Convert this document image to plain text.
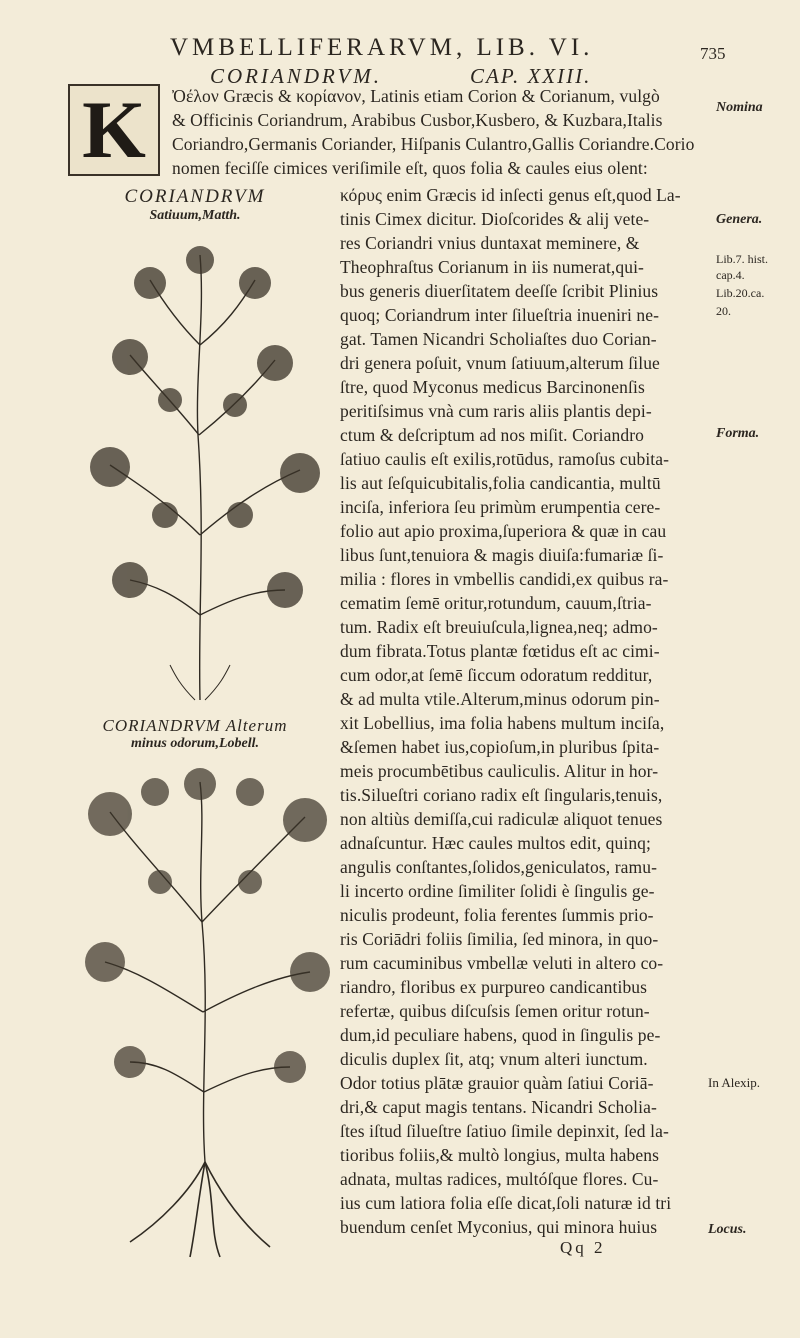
VMBELLIFERARVM, LIB. VI.	735
CORIANDRVM.	CAP. XXIII.
K Ὀέλον Græcis & κορίανον, Latinis etiam Corion & Corianum, vulgò
& Officinis Coriandrum, Arabibus Cusbor,Kusbero, & Kuzbara,Italis
Coriandro,Germanis Coriander, Hiſpanis Culantro,Gallis Coriandre.Corio
nomen feciſſe cimices veriſimile eſt, quos folia & caules eius olent:
κόρυς enim Græcis id inſecti genus eſt,quod La-
tinis Cimex dicitur. Dioſcorides & alij vete-
res Coriandri vnius duntaxat meminere, &
Theophraſtus Corianum in iis numerat,qui-
bus generis diuerſitatem deeſſe ſcribit Plinius
quoq; Coriandrum inter ſilueſtria inueniri ne-
gat. Tamen Nicandri Scholiaſtes duo Corian-
dri genera poſuit, vnum ſatiuum,alterum ſilue
ſtre, quod Myconus medicus Barcinonenſis
peritiſsimus vnà cum raris aliis plantis depi-
ctum & deſcriptum ad nos miſit. Coriandro
ſatiuo caulis eſt exilis,rotūdus, ramoſus cubita-
lis aut ſeſquicubitalis,folia candicantia, multū
inciſa, inferiora ſeu primùm erumpentia cere-
folio aut apio proxima,ſuperiora & quæ in cau
libus ſunt,tenuiora & magis diuiſa:fumariæ ſi-
milia : flores in vmbellis candidi,ex quibus ra-
cematim ſemē oritur,rotundum, cauum,ſtria-
tum. Radix eſt breuiuſcula,lignea,neq; admo-
dum fibrata.Totus plantæ fœtidus eſt ac cimi-
cum odor,at ſemē ſiccum odoratum redditur,
& ad multa vtile.Alterum,minus odorum pin-
xit Lobellius, ima folia habens multum inciſa,
&ſemen habet ius,copioſum,in pluribus ſpita-
meis procumbētibus cauliculis. Alitur in hor-
tis.Silueſtri coriano radix eſt ſingularis,tenuis,
non altiùs demiſſa,cui radiculæ aliquot tenues
adnaſcuntur. Hæc caules multos edit, quinq;
angulis conſtantes,ſolidos,geniculatos, ramu-
li incerto ordine ſimiliter ſolidi è ſingulis ge-
niculis prodeunt, folia ferentes ſummis prio-
ris Coriādri foliis ſimilia, ſed minora, in quo-
rum cacuminibus vmbellæ veluti in altero co-
riandro, floribus ex purpureo candicantibus
refertæ, quibus diſcuſsis ſemen oritur rotun-
dum,id peculiare habens, quod in ſingulis pe-
diculis duplex ſit, atq; vnum alteri iunctum.
Odor totius plātæ grauior quàm ſatiui Coriā-
dri,& caput magis tentans. Nicandri Scholia-
ſtes iſtud ſilueſtre ſatiuo ſimile depinxit, ſed la-
tioribus foliis,& multò longius, multa habens
adnata, multas radices, multóſque flores. Cu-
ius cum latiora folia eſſe dicat,ſoli naturæ id tri
buendum cenſet Myconius, qui minora huius
Nomina
Genera.
Lib.7. hist.
cap.4.
Lib.20.ca.
20.
Forma.
In Alexip.
Locus.
CORIANDRVM
Satiuum,Matth.
CORIANDRVM Alterum
minus odorum,Lobell.
Qq 2
